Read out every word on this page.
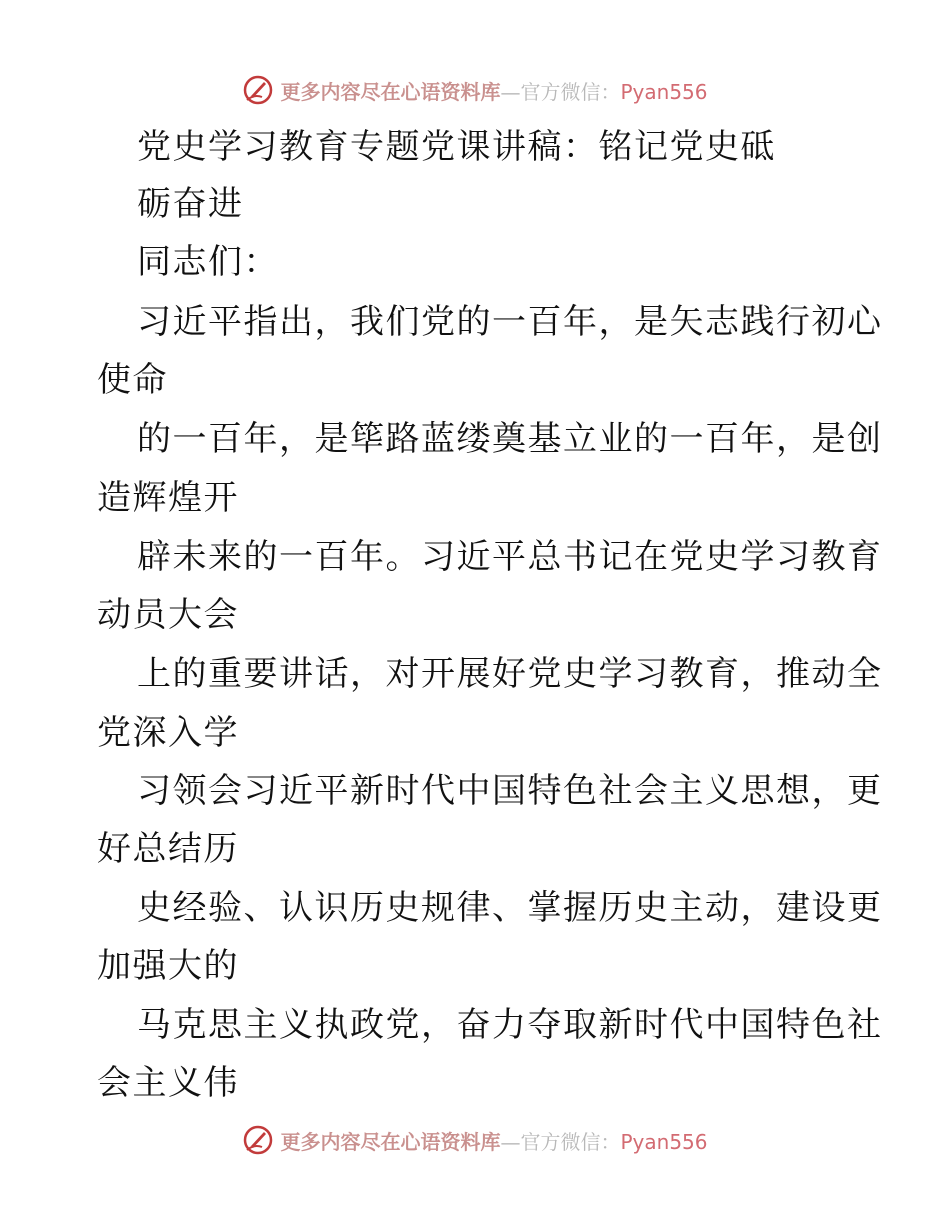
更多内容尽在心语资料库—官方微信：Pyan556
党史学习教育专题党课讲稿：铭记党史砥
砺奋进
同志们：
习近平指出，我们党的一百年，是矢志践行初心
使命
的一百年，是筚路蓝缕奠基立业的一百年，是创
造辉煌开
辟未来的一百年。习近平总书记在党史学习教育
动员大会
上的重要讲话，对开展好党史学习教育，推动全
党深入学
习领会习近平新时代中国特色社会主义思想，更
好总结历
史经验、认识历史规律、掌握历史主动，建设更
加强大的
马克思主义执政党，奋力夺取新时代中国特色社
会主义伟
更多内容尽在心语资料库—官方微信：Pyan556
